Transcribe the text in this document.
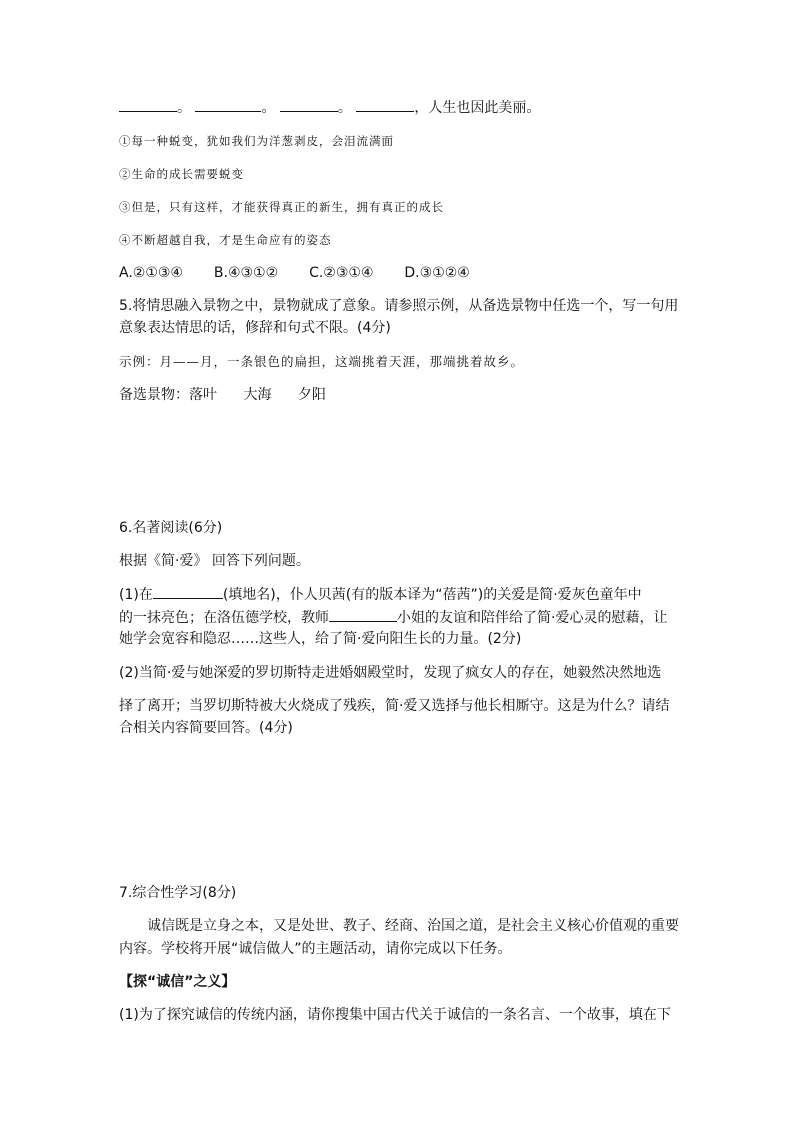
。	。	。	，人生也因此美丽。
①每一种蜕变，犹如我们为洋葱剥皮，会泪流满面
②生命的成长需要蜕变
③但是，只有这样，才能获得真正的新生，拥有真正的成长
④不断超越自我，才是生命应有的姿态
A.②①③④ B.④③①② C.②③①④ D.③①②④
5.将情思融入景物之中，景物就成了意象。请参照示例，从备选景物中任选一个，写一句用
意象表达情思的话，修辞和句式不限。(4分)
示例：月——月，一条银色的扁担，这端挑着天涯，那端挑着故乡。
备选景物：落叶 大海 夕阳
6.名著阅读(6分)
根据《简·爱》 回答下列问题。
(1)在	(填地名)，仆人贝茜(有的版本译为“蓓茜”)的关爱是简·爱灰色童年中
的一抹亮色；在洛伍德学校，教师	小姐的友谊和陪伴给了简·爱心灵的慰藉，让
她学会宽容和隐忍……这些人，给了简·爱向阳生长的力量。(2分)
(2)当简·爱与她深爱的罗切斯特走进婚姻殿堂时，发现了疯女人的存在，她毅然决然地选
择了离开；当罗切斯特被大火烧成了残疾，简·爱又选择与他长相厮守。这是为什么？请结
合相关内容简要回答。(4分)
7.综合性学习(8分)
诚信既是立身之本，又是处世、教子、经商、治国之道，是社会主义核心价值观的重要
内容。学校将开展“诚信做人”的主题活动，请你完成以下任务。
【探“诚信”之义】
(1)为了探究诚信的传统内涵，请你搜集中国古代关于诚信的一条名言、一个故事，填在下
